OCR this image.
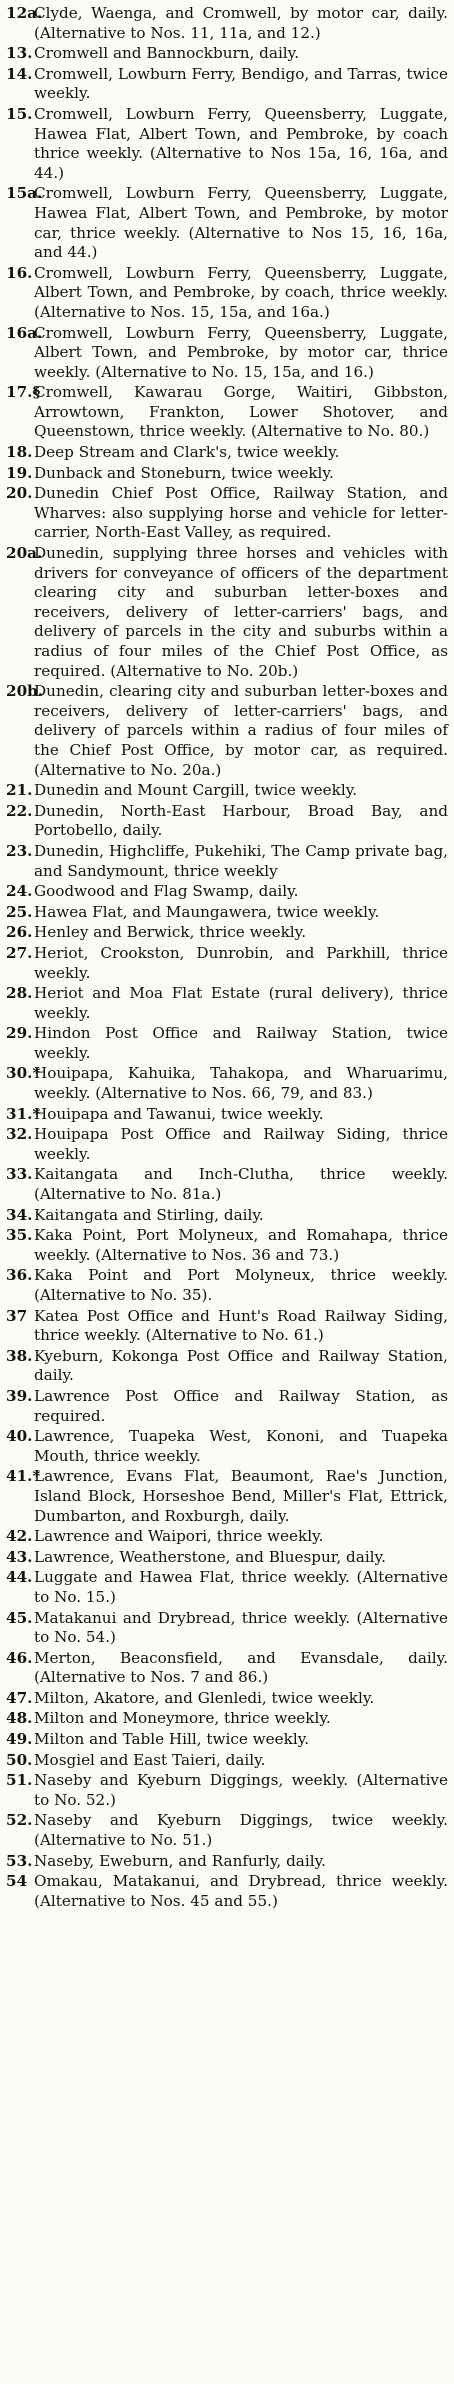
12a.
Clyde, Waenga, and Cromwell, by motor car, daily. (Alternative to Nos. 11, 11a, and 12.)
13. Cromwell and Bannockburn, daily.
14. Cromwell, Lowburn Ferry, Bendigo, and Tarras, twice weekly.
15. Cromwell, Lowburn Ferry, Queensberry, Luggate, Hawea Flat, Albert Town, and Pembroke, by coach thrice weekly. (Alternative to Nos 15a, 16, 16a, and 44.)
15a.
Cromwell, Lowburn Ferry, Queensberry, Luggate, Hawea Flat, Albert Town, and Pembroke, by motor car, thrice weekly. (Alternative to Nos 15, 16, 16a, and 44.)
16. Cromwell, Lowburn Ferry, Queensberry, Luggate, Albert Town, and Pembroke, by coach, thrice weekly. (Alternative to Nos. 15, 15a, and 16a.)
16a.
Cromwell, Lowburn Ferry, Queensberry, Luggate, Albert Town, and Pembroke, by motor car, thrice weekly. (Alternative to No. 15, 15a, and 16.)
17.§
Cromwell, Kawarau Gorge, Waitiri, Gibbston, Arrowtown, Frankton, Lower Shotover, and Queenstown, thrice weekly. (Alternative to No. 80.)
18. Deep Stream and Clark's, twice weekly.
19. Dunback and Stoneburn, twice weekly.
20. Dunedin Chief Post Office, Railway Station, and Wharves: also supplying horse and vehicle for letter-carrier, North-East Valley, as required.
20a.
Dunedin, supplying three horses and vehicles with drivers for conveyance of officers of the department clearing city and suburban letter-boxes and receivers, delivery of letter-carriers' bags, and delivery of parcels in the city and suburbs within a radius of four miles of the Chief Post Office, as required. (Alternative to No. 20b.)
20b.
Dunedin, clearing city and suburban letter-boxes and receivers, delivery of letter-carriers' bags, and delivery of parcels within a radius of four miles of the Chief Post Office, by motor car, as required. (Alternative to No. 20a.)
21. Dunedin and Mount Cargill, twice weekly.
22. Dunedin, North-East Harbour, Broad Bay, and Portobello, daily.
23. Dunedin, Highcliffe, Pukehiki, The Camp private bag, and Sandymount, thrice weekly
24. Goodwood and Flag Swamp, daily.
25. Hawea Flat, and Maungawera, twice weekly.
26. Henley and Berwick, thrice weekly.
27. Heriot, Crookston, Dunrobin, and Parkhill, thrice weekly.
28. Heriot and Moa Flat Estate (rural delivery), thrice weekly.
29. Hindon Post Office and Railway Station, twice weekly.
30.*
Houipapa, Kahuika, Tahakopa, and Wharuarimu, weekly. (Alternative to Nos. 66, 79, and 83.)
31.*
Houipapa and Tawanui, twice weekly.
32. Houipapa Post Office and Railway Siding, thrice weekly.
33. Kaitangata and Inch-Clutha, thrice weekly. (Alternative to No. 81a.)
34. Kaitangata and Stirling, daily.
35. Kaka Point, Port Molyneux, and Romahapa, thrice weekly. (Alternative to Nos. 36 and 73.)
36. Kaka Point and Port Molyneux, thrice weekly. (Alternative to No. 35).
37 Katea Post Office and Hunt's Road Railway Siding, thrice weekly. (Alternative to No. 61.)
38. Kyeburn, Kokonga Post Office and Railway Station, daily.
39. Lawrence Post Office and Railway Station, as required.
40. Lawrence, Tuapeka West, Kononi, and Tuapeka Mouth, thrice weekly.
41.*
Lawrence, Evans Flat, Beaumont, Rae's Junction, Island Block, Horseshoe Bend, Miller's Flat, Ettrick, Dumbarton, and Roxburgh, daily.
42. Lawrence and Waipori, thrice weekly.
43. Lawrence, Weatherstone, and Bluespur, daily.
44. Luggate and Hawea Flat, thrice weekly. (Alternative to No. 15.)
45. Matakanui and Drybread, thrice weekly. (Alternative to No. 54.)
46. Merton, Beaconsfield, and Evansdale, daily. (Alternative to Nos. 7 and 86.)
47. Milton, Akatore, and Glenledi, twice weekly.
48. Milton and Moneymore, thrice weekly.
49. Milton and Table Hill, twice weekly.
50. Mosgiel and East Taieri, daily.
51. Naseby and Kyeburn Diggings, weekly. (Alternative to No. 52.)
52. Naseby and Kyeburn Diggings, twice weekly. (Alternative to No. 51.)
53. Naseby, Eweburn, and Ranfurly, daily.
54 Omakau, Matakanui, and Drybread, thrice weekly. (Alternative to Nos. 45 and 55.)
